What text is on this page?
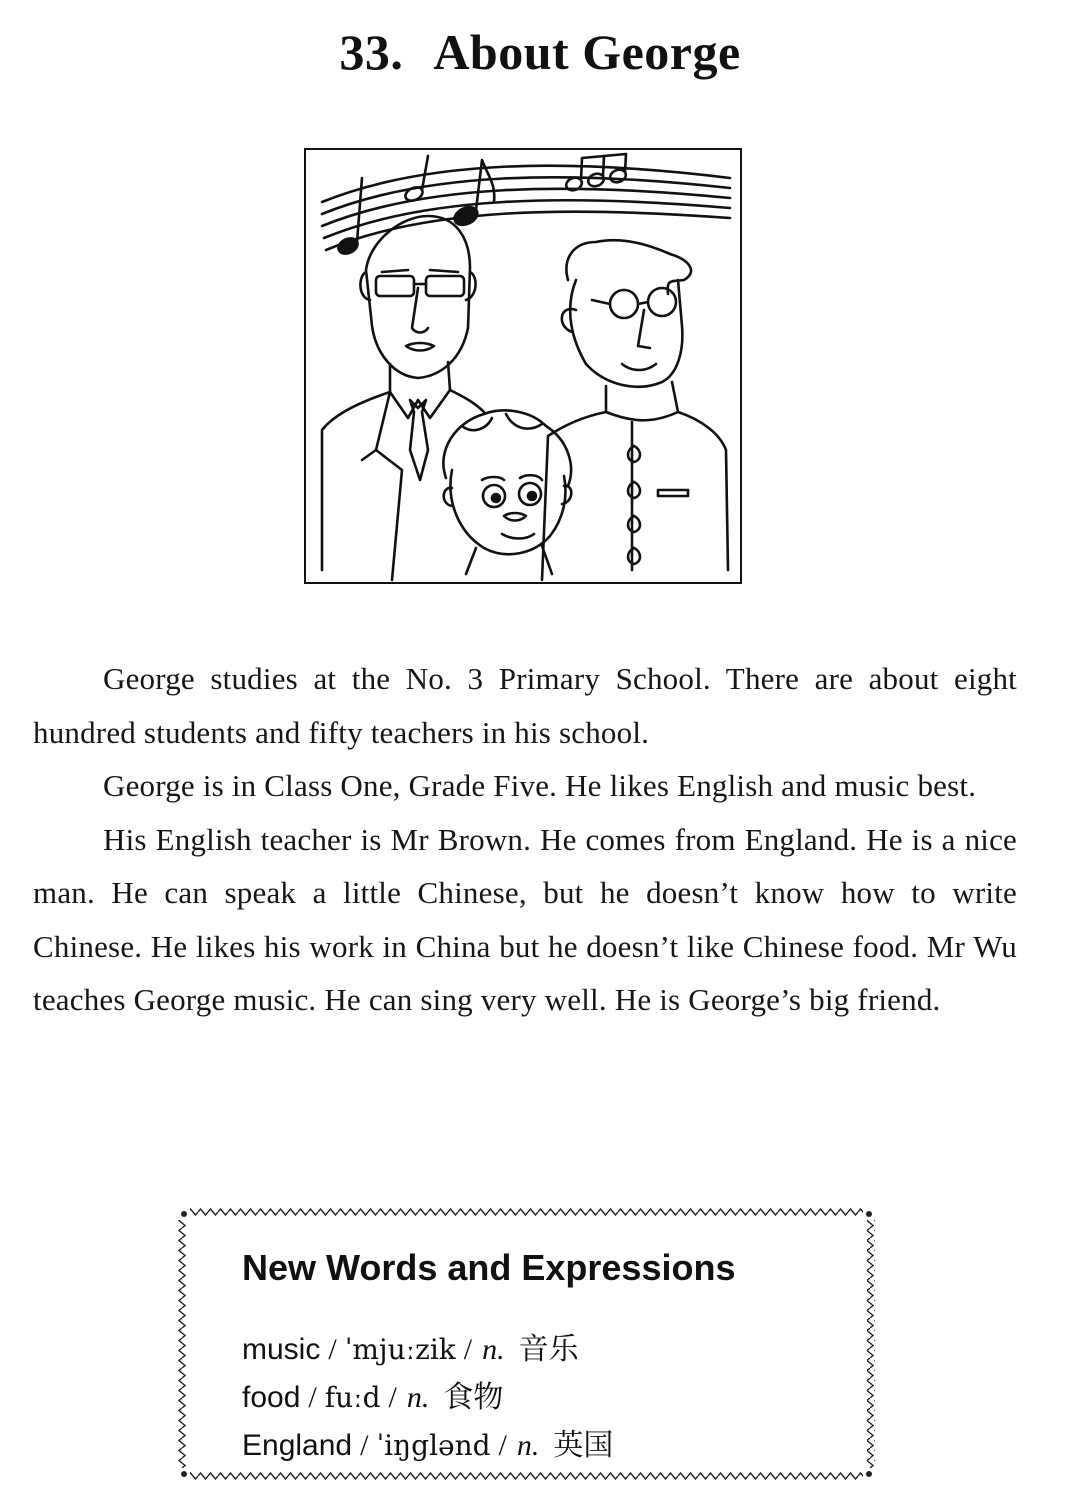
33. About George

George studies at the No. 3 Primary School. There are about eight hundred students and fifty teachers in his school.

George is in Class One, Grade Five. He likes English and music best.

His English teacher is Mr Brown. He comes from England. He is a nice man. He can speak a little Chinese, but he doesn’t know how to write Chinese. He likes his work in China but he doesn’t like Chinese food. Mr Wu teaches George music. He can sing very well. He is George’s big friend.

New Words and Expressions
music / ˈmjuːzik / n. 音乐
food / fuːd / n. 食物
England / ˈiŋglənd / n. 英国
